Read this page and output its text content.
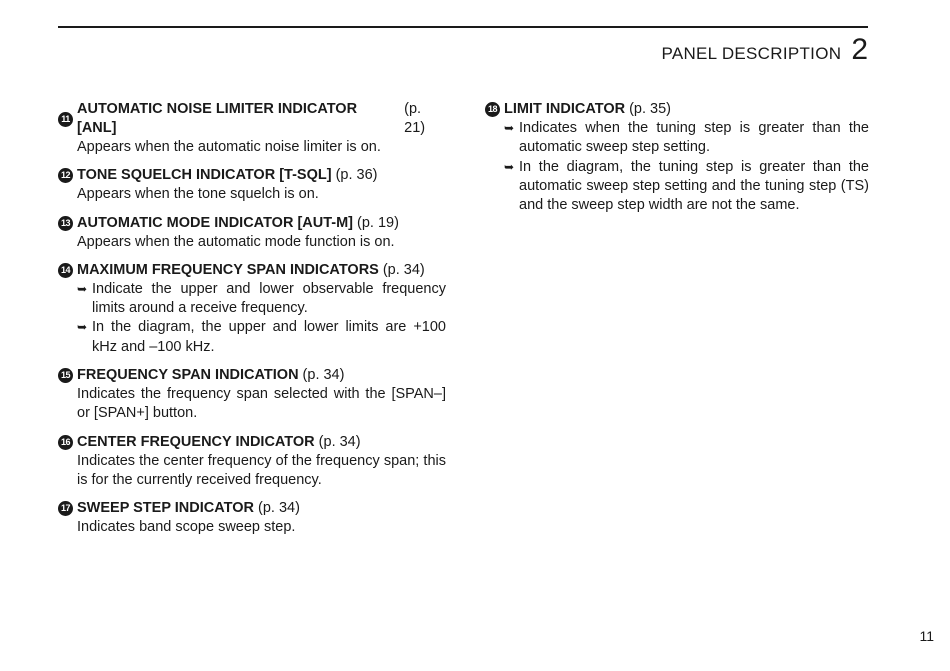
PANEL DESCRIPTION 2
11
AUTOMATIC NOISE LIMITER INDICATOR [ANL]
(p. 21)
Appears when the automatic noise limiter is on.
12 TONE SQUELCH INDICATOR [T-SQL] (p. 36)
Appears when the tone squelch is on.
13 AUTOMATIC MODE INDICATOR [AUT-M] (p. 19)
Appears when the automatic mode function is on.
14 MAXIMUM FREQUENCY SPAN INDICATORS (p. 34)
➥ Indicate the upper and lower observable frequency limits around a receive frequency.
➥ In the diagram, the upper and lower limits are +100 kHz and –100 kHz.
15 FREQUENCY SPAN INDICATION (p. 34)
Indicates the frequency span selected with the [SPAN–] or [SPAN+] button.
16 CENTER FREQUENCY INDICATOR (p. 34)
Indicates the center frequency of the frequency span; this is for the currently received frequency.
17 SWEEP STEP INDICATOR (p. 34)
Indicates band scope sweep step.
18 LIMIT INDICATOR (p. 35)
➥ Indicates when the tuning step is greater than the automatic sweep step setting.
➥ In the diagram, the tuning step is greater than the automatic sweep step setting and the tuning step (TS) and the sweep step width are not the same.
11
